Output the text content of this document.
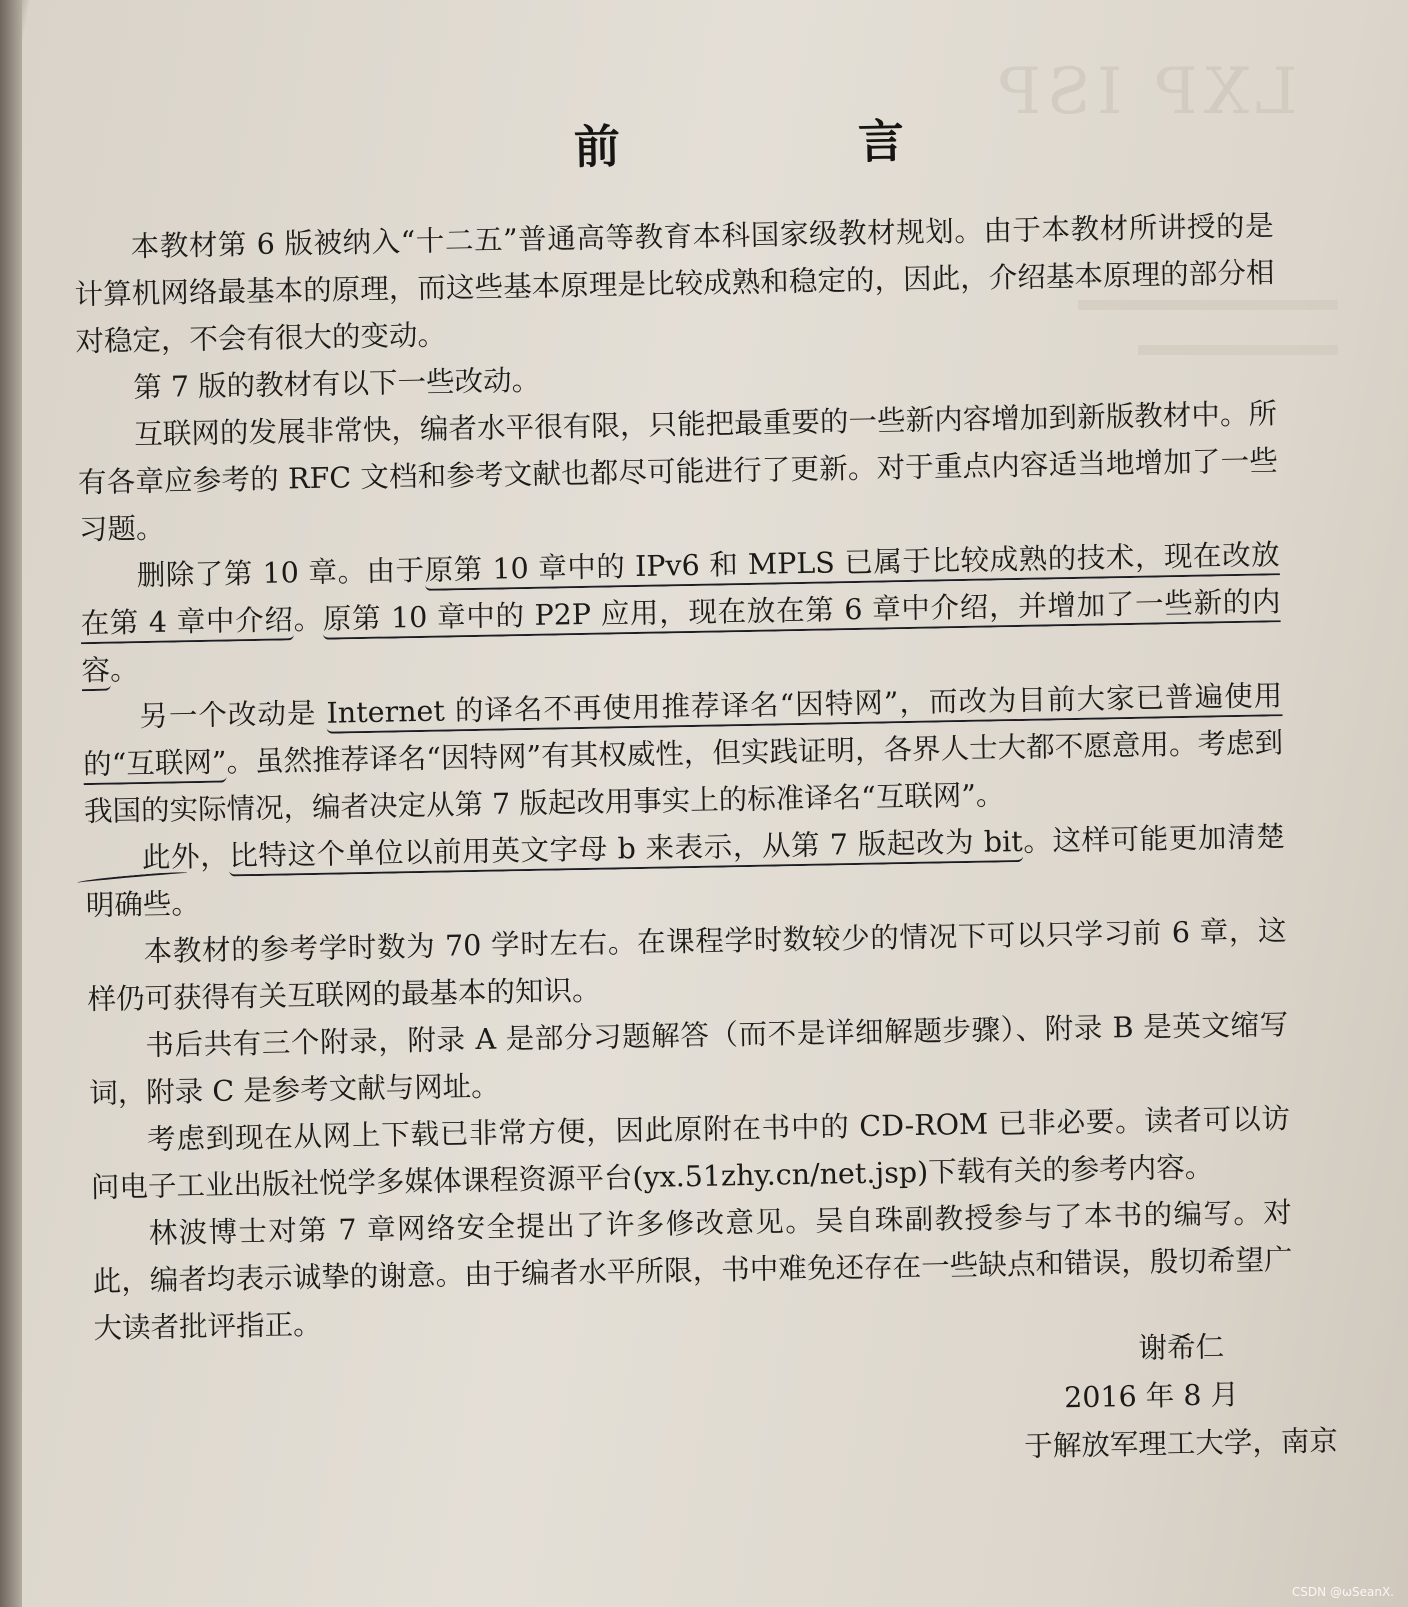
LXP ISP
前　言

本教材第 6 版被纳入“十二五”普通高等教育本科国家级教材规划。由于本教材所讲授的是计算机网络最基本的原理，而这些基本原理是比较成熟和稳定的，因此，介绍基本原理的部分相对稳定，不会有很大的变动。

第 7 版的教材有以下一些改动。

互联网的发展非常快，编者水平很有限，只能把最重要的一些新内容增加到新版教材中。所有各章应参考的 RFC 文档和参考文献也都尽可能进行了更新。对于重点内容适当地增加了一些习题。

删除了第 10 章。由于原第 10 章中的 IPv6 和 MPLS 已属于比较成熟的技术，现在改放在第 4 章中介绍。原第 10 章中的 P2P 应用，现在放在第 6 章中介绍，并增加了一些新的内容。

另一个改动是 Internet 的译名不再使用推荐译名“因特网”，而改为目前大家已普遍使用的“互联网”。虽然推荐译名“因特网”有其权威性，但实践证明，各界人士大都不愿意用。考虑到我国的实际情况，编者决定从第 7 版起改用事实上的标准译名“互联网”。

此外，比特这个单位以前用英文字母 b 来表示，从第 7 版起改为 bit。这样可能更加清楚明确些。

本教材的参考学时数为 70 学时左右。在课程学时数较少的情况下可以只学习前 6 章，这样仍可获得有关互联网的最基本的知识。

书后共有三个附录，附录 A 是部分习题解答（而不是详细解题步骤）、附录 B 是英文缩写词，附录 C 是参考文献与网址。

考虑到现在从网上下载已非常方便，因此原附在书中的 CD-ROM 已非必要。读者可以访问电子工业出版社悦学多媒体课程资源平台(yx.51zhy.cn/net.jsp)下载有关的参考内容。

林波博士对第 7 章网络安全提出了许多修改意见。吴自珠副教授参与了本书的编写。对此，编者均表示诚挚的谢意。由于编者水平所限，书中难免还存在一些缺点和错误，殷切希望广大读者批评指正。

谢希仁
2016 年 8 月
于解放军理工大学，南京
CSDN @ωSeanX.
